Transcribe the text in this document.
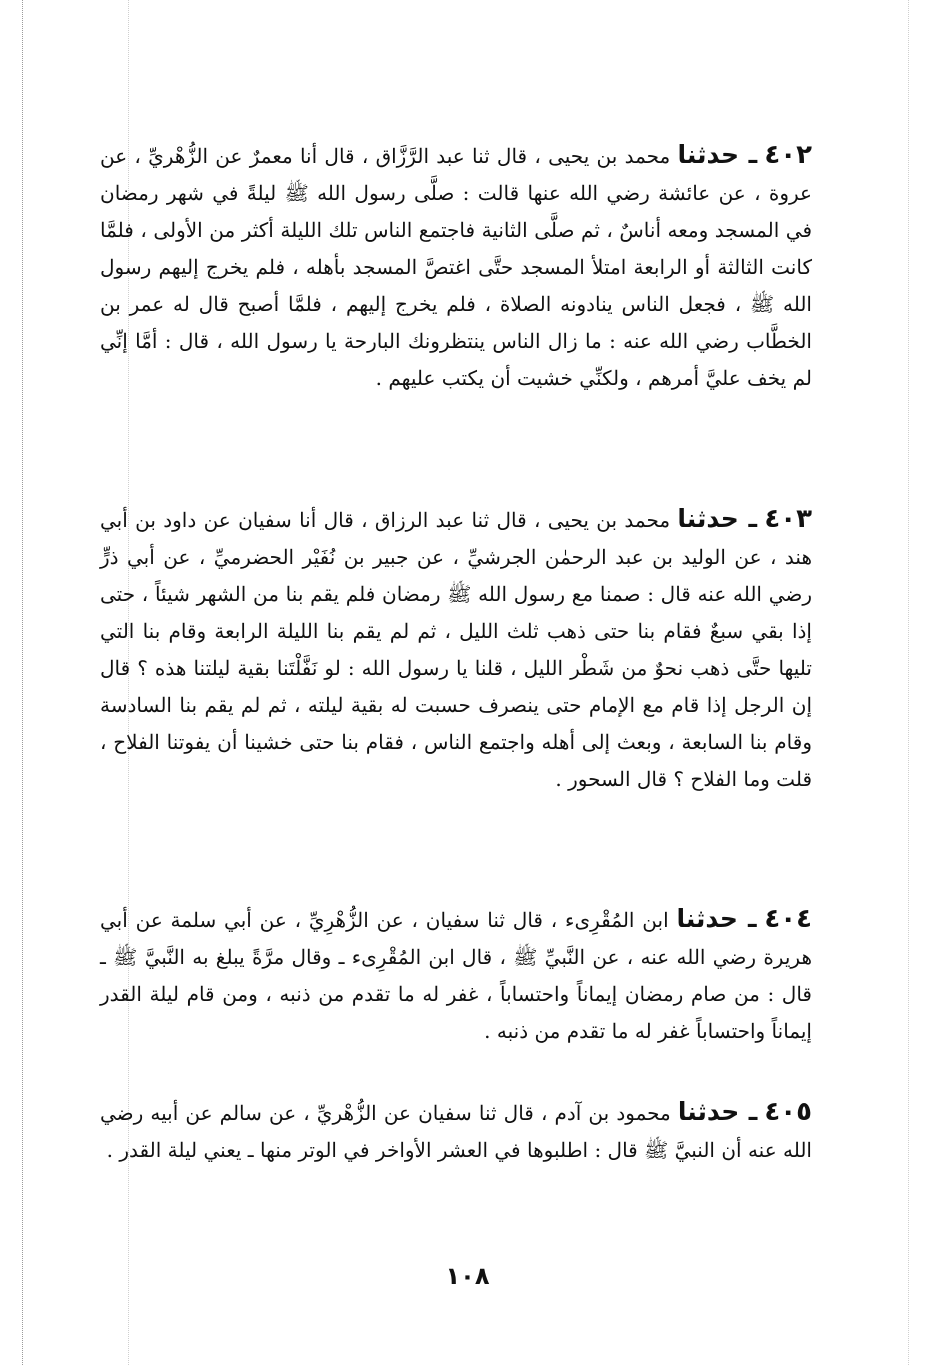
٤٠٢ ـ حدثنا محمد بن يحيى ، قال ثنا عبد الرَّزَّاق ، قال أنا معمرٌ عن الزُّهْريِّ ، عن عروة ، عن عائشة رضي الله عنها قالت : صلَّى رسول الله ﷺ ليلةً في شهر رمضان في المسجد ومعه أناسٌ ، ثم صلَّى الثانية فاجتمع الناس تلك الليلة أكثر من الأولى ، فلمَّا كانت الثالثة أو الرابعة امتلأ المسجد حتَّى اغتصَّ المسجد بأهله ، فلم يخرج إليهم رسول الله ﷺ ، فجعل الناس ينادونه الصلاة ، فلم يخرج إليهم ، فلمَّا أصبح قال له عمر بن الخطَّاب رضي الله عنه : ما زال الناس ينتظرونك البارحة يا رسول الله ، قال : أمَّا إنِّي لم يخف عليَّ أمرهم ، ولكنِّي خشيت أن يكتب عليهم .

٤٠٣ ـ حدثنا محمد بن يحيى ، قال ثنا عبد الرزاق ، قال أنا سفيان عن داود بن أبي هند ، عن الوليد بن عبد الرحمٰن الجرشيِّ ، عن جبير بن نُفَيْر الحضرميِّ ، عن أبي ذرٍّ رضي الله عنه قال : صمنا مع رسول الله ﷺ رمضان فلم يقم بنا من الشهر شيئاً ، حتى إذا بقي سبعٌ فقام بنا حتى ذهب ثلث الليل ، ثم لم يقم بنا الليلة الرابعة وقام بنا التي تليها حتَّى ذهب نحوٌ من شَطْر الليل ، قلنا يا رسول الله : لو نَفَّلْتَنا بقية ليلتنا هذه ؟ قال إن الرجل إذا قام مع الإمام حتى ينصرف حسبت له بقية ليلته ، ثم لم يقم بنا السادسة وقام بنا السابعة ، وبعث إلى أهله واجتمع الناس ، فقام بنا حتى خشينا أن يفوتنا الفلاح ، قلت وما الفلاح ؟ قال السحور .

٤٠٤ ـ حدثنا ابن المُقْرِىء ، قال ثنا سفيان ، عن الزُّهْرِيِّ ، عن أبي سلمة عن أبي هريرة رضي الله عنه ، عن النَّبيِّ ﷺ ، قال ابن المُقْرِىء ـ وقال مرَّةً يبلغ به النَّبيَّ ﷺ ـ قال : من صام رمضان إيماناً واحتساباً ، غفر له ما تقدم من ذنبه ، ومن قام ليلة القدر إيماناً واحتساباً غفر له ما تقدم من ذنبه .

٤٠٥ ـ حدثنا محمود بن آدم ، قال ثنا سفيان عن الزُّهْريِّ ، عن سالم عن أبيه رضي الله عنه أن النبيَّ ﷺ قال : اطلبوها في العشر الأواخر في الوتر منها ـ يعني ليلة القدر .

١٠٨
